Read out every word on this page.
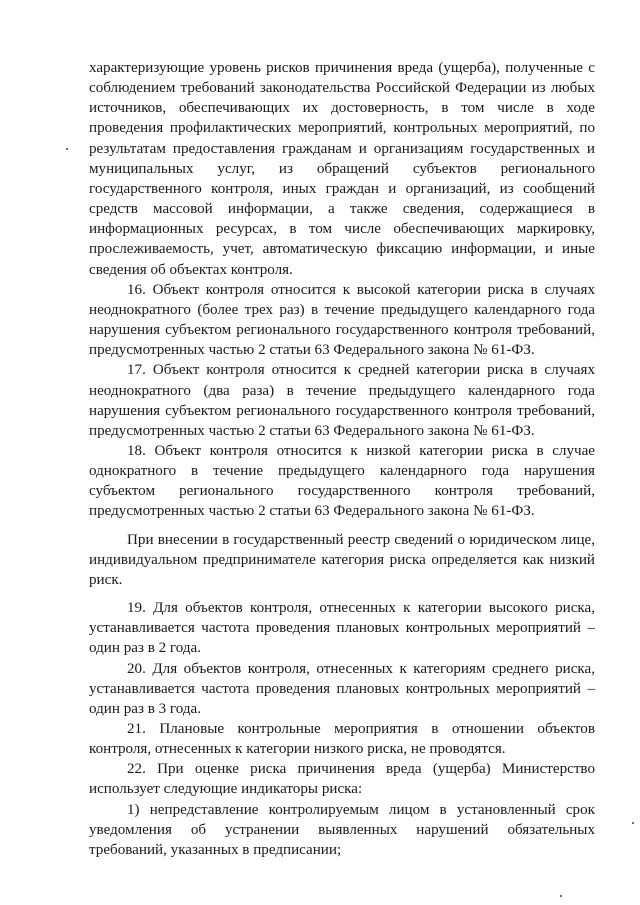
характеризующие уровень рисков причинения вреда (ущерба), полученные с соблюдением требований законодательства Российской Федерации из любых источников, обеспечивающих их достоверность, в том числе в ходе проведения профилактических мероприятий, контрольных мероприятий, по результатам предоставления гражданам и организациям государственных и муниципальных услуг, из обращений субъектов регионального государственного контроля, иных граждан и организаций, из сообщений средств массовой информации, а также сведения, содержащиеся в информационных ресурсах, в том числе обеспечивающих маркировку, прослеживаемость, учет, автоматическую фиксацию информации, и иные сведения об объектах контроля.

16. Объект контроля относится к высокой категории риска в случаях неоднократного (более трех раз) в течение предыдущего календарного года нарушения субъектом регионального государственного контроля требований, предусмотренных частью 2 статьи 63 Федерального закона № 61-ФЗ.

17. Объект контроля относится к средней категории риска в случаях неоднократного (два раза) в течение предыдущего календарного года нарушения субъектом регионального государственного контроля требований, предусмотренных частью 2 статьи 63 Федерального закона № 61-ФЗ.

18. Объект контроля относится к низкой категории риска в случае однократного в течение предыдущего календарного года нарушения субъектом регионального государственного контроля требований, предусмотренных частью 2 статьи 63 Федерального закона № 61-ФЗ.

При внесении в государственный реестр сведений о юридическом лице, индивидуальном предпринимателе категория риска определяется как низкий риск.

19. Для объектов контроля, отнесенных к категории высокого риска, устанавливается частота проведения плановых контрольных мероприятий – один раз в 2 года.

20. Для объектов контроля, отнесенных к категориям среднего риска, устанавливается частота проведения плановых контрольных мероприятий – один раз в 3 года.

21. Плановые контрольные мероприятия в отношении объектов контроля, отнесенных к категории низкого риска, не проводятся.

22. При оценке риска причинения вреда (ущерба) Министерство использует следующие индикаторы риска:

1) непредставление контролируемым лицом в установленный срок уведомления об устранении выявленных нарушений обязательных требований, указанных в предписании;
